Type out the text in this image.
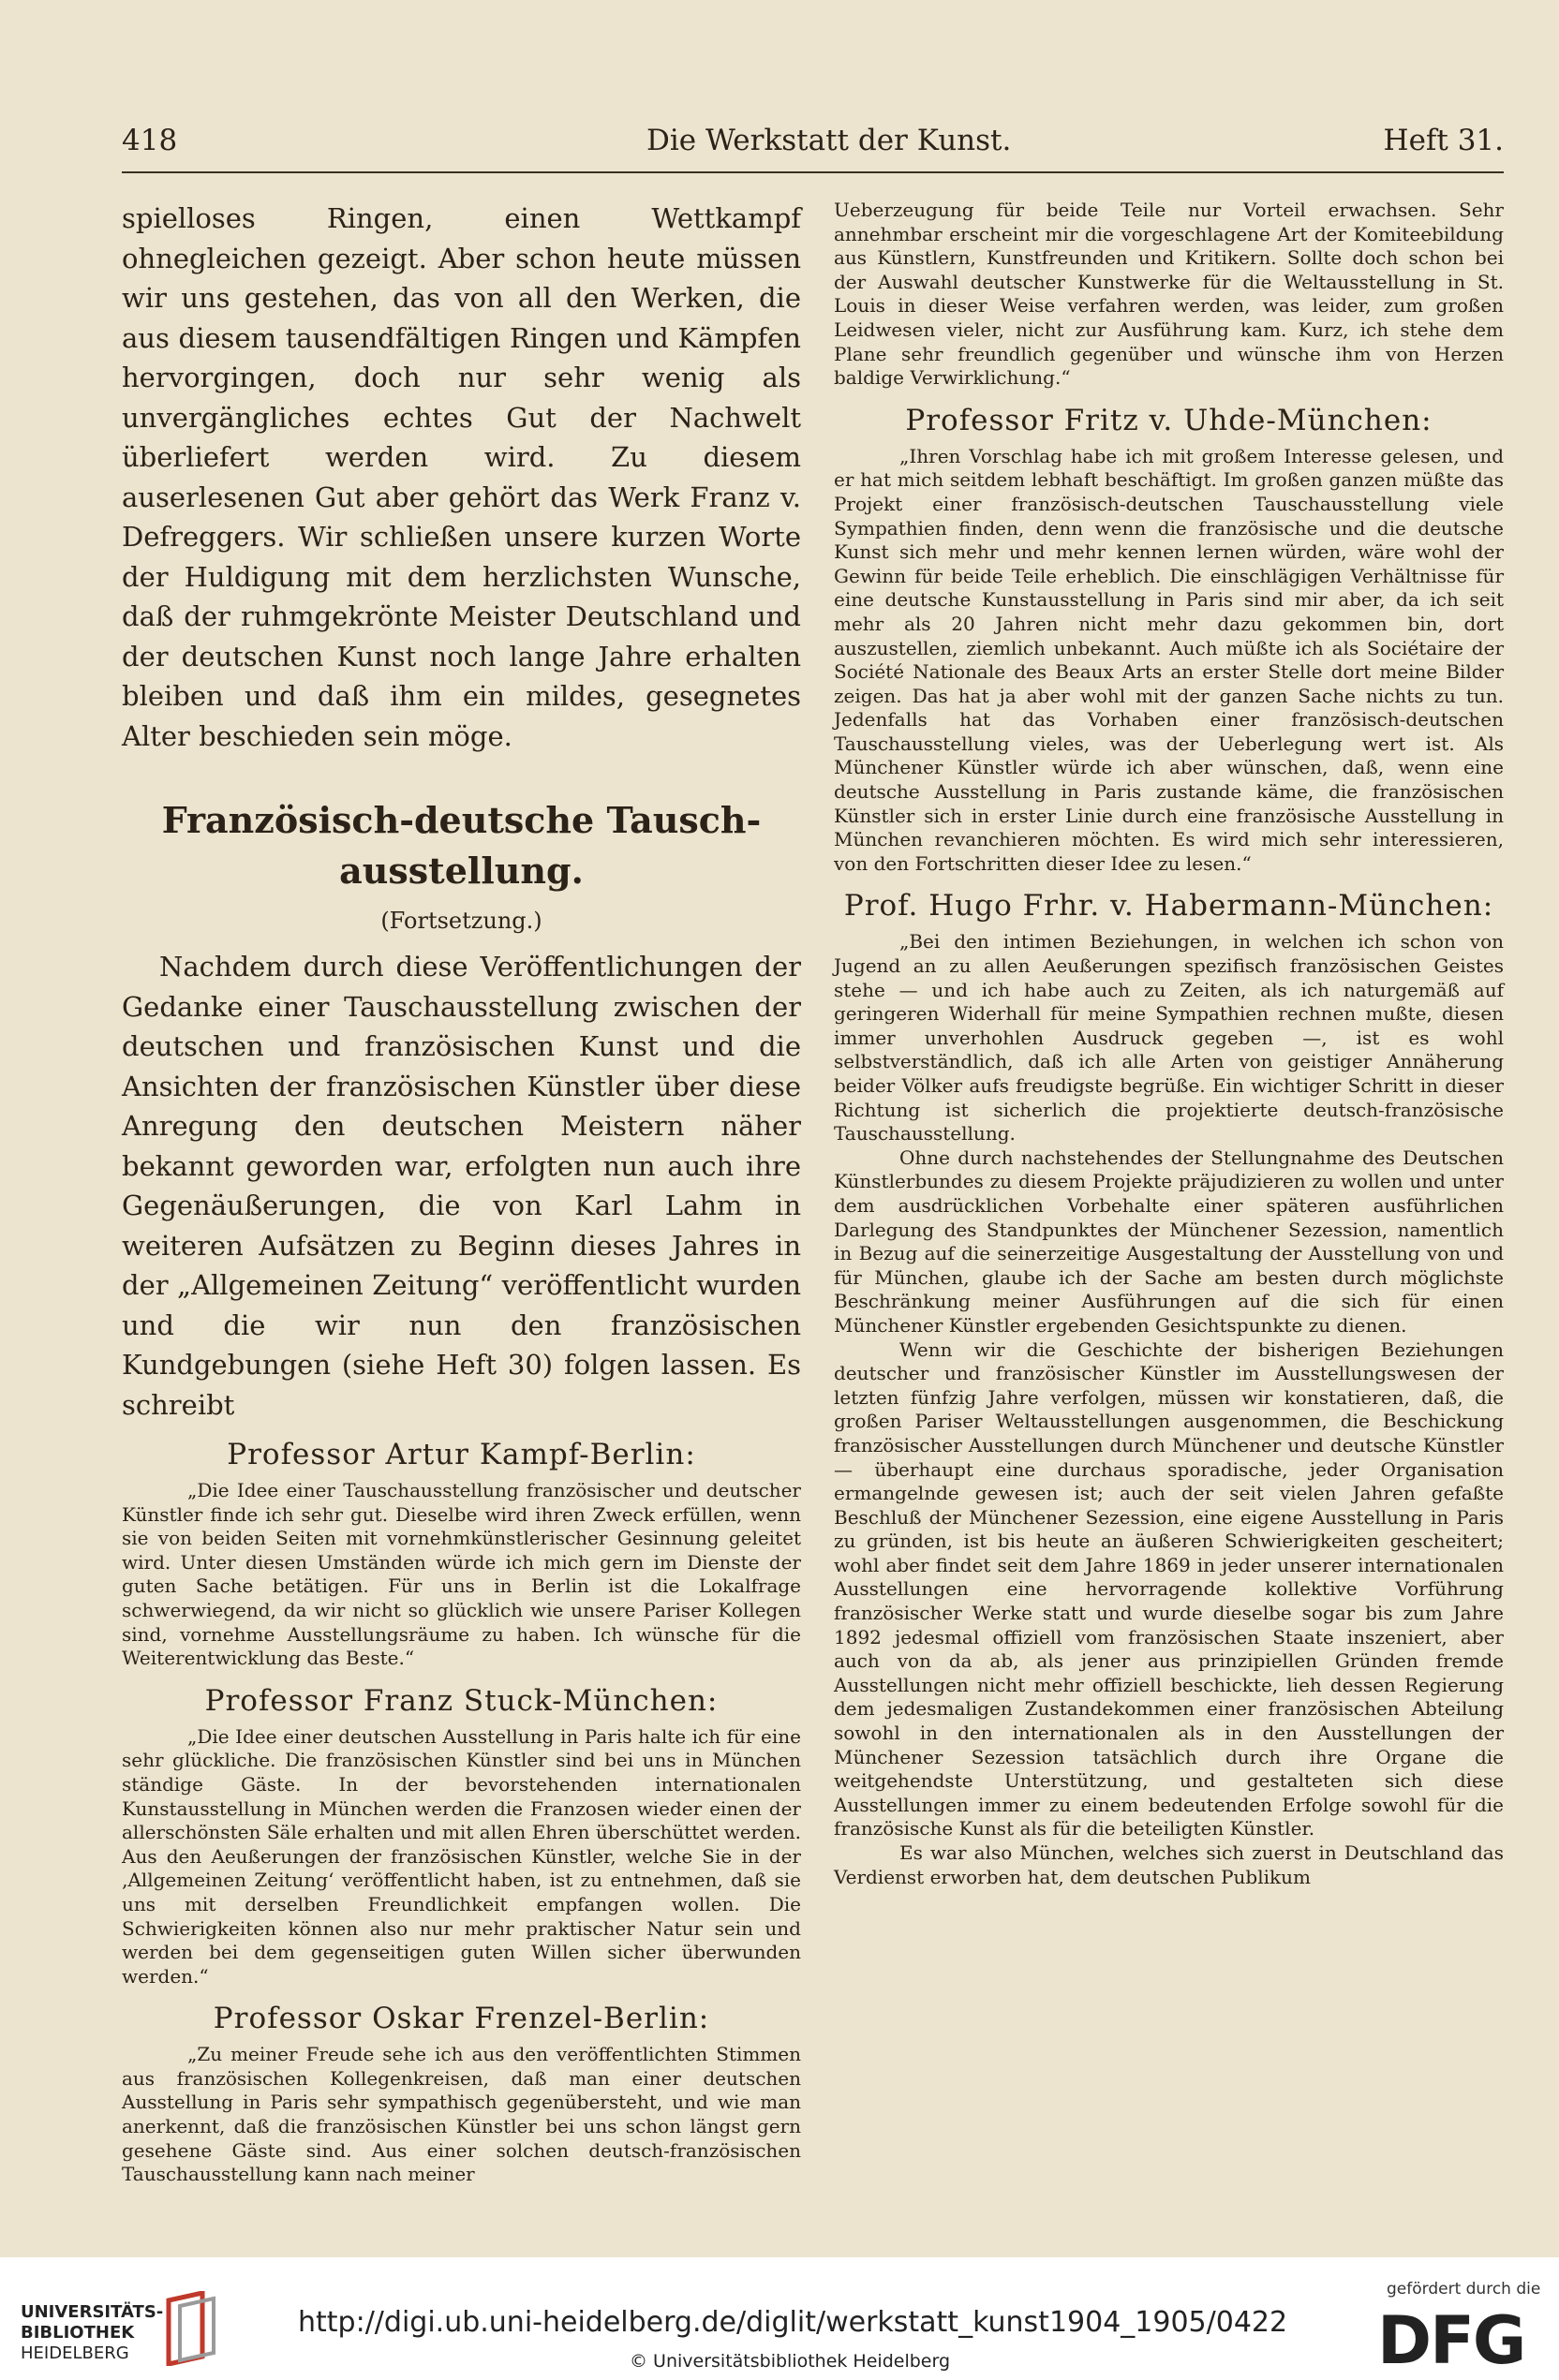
418	Die Werkstatt der Kunst.	Heft 31.

spielloses Ringen, einen Wettkampf ohnegleichen gezeigt. Aber schon heute müssen wir uns gestehen, das von all den Werken, die aus diesem tausendfältigen Ringen und Kämpfen hervorgingen, doch nur sehr wenig als unvergängliches echtes Gut der Nachwelt überliefert werden wird. Zu diesem auserlesenen Gut aber gehört das Werk Franz v. Defreggers. Wir schließen unsere kurzen Worte der Huldigung mit dem herzlichsten Wunsche, daß der ruhmgekrönte Meister Deutschland und der deutschen Kunst noch lange Jahre erhalten bleiben und daß ihm ein mildes, gesegnetes Alter beschieden sein möge.

Französisch-deutsche Tausch-
ausstellung.
(Fortsetzung.)

Nachdem durch diese Veröffentlichungen der Gedanke einer Tauschausstellung zwischen der deutschen und französischen Kunst und die Ansichten der französischen Künstler über diese Anregung den deutschen Meistern näher bekannt geworden war, erfolgten nun auch ihre Gegenäußerungen, die von Karl Lahm in weiteren Aufsätzen zu Beginn dieses Jahres in der „Allgemeinen Zeitung“ veröffentlicht wurden und die wir nun den französischen Kundgebungen (siehe Heft 30) folgen lassen. Es schreibt

Professor Artur Kampf-Berlin:

„Die Idee einer Tauschausstellung französischer und deutscher Künstler finde ich sehr gut. Dieselbe wird ihren Zweck erfüllen, wenn sie von beiden Seiten mit vornehmkünstlerischer Gesinnung geleitet wird. Unter diesen Umständen würde ich mich gern im Dienste der guten Sache betätigen. Für uns in Berlin ist die Lokalfrage schwerwiegend, da wir nicht so glücklich wie unsere Pariser Kollegen sind, vornehme Ausstellungsräume zu haben. Ich wünsche für die Weiterentwicklung das Beste.“

Professor Franz Stuck-München:

„Die Idee einer deutschen Ausstellung in Paris halte ich für eine sehr glückliche. Die französischen Künstler sind bei uns in München ständige Gäste. In der bevorstehenden internationalen Kunstausstellung in München werden die Franzosen wieder einen der allerschönsten Säle erhalten und mit allen Ehren überschüttet werden. Aus den Aeußerungen der französischen Künstler, welche Sie in der ‚Allgemeinen Zeitung‘ veröffentlicht haben, ist zu entnehmen, daß sie uns mit derselben Freundlichkeit empfangen wollen. Die Schwierigkeiten können also nur mehr praktischer Natur sein und werden bei dem gegenseitigen guten Willen sicher überwunden werden.“

Professor Oskar Frenzel-Berlin:

„Zu meiner Freude sehe ich aus den veröffentlichten Stimmen aus französischen Kollegenkreisen, daß man einer deutschen Ausstellung in Paris sehr sympathisch gegenübersteht, und wie man anerkennt, daß die französischen Künstler bei uns schon längst gern gesehene Gäste sind. Aus einer solchen deutsch-französischen Tauschausstellung kann nach meiner

Ueberzeugung für beide Teile nur Vorteil erwachsen. Sehr annehmbar erscheint mir die vorgeschlagene Art der Komiteebildung aus Künstlern, Kunstfreunden und Kritikern. Sollte doch schon bei der Auswahl deutscher Kunstwerke für die Weltausstellung in St. Louis in dieser Weise verfahren werden, was leider, zum großen Leidwesen vieler, nicht zur Ausführung kam. Kurz, ich stehe dem Plane sehr freundlich gegenüber und wünsche ihm von Herzen baldige Verwirklichung.“

Professor Fritz v. Uhde-München:

„Ihren Vorschlag habe ich mit großem Interesse gelesen, und er hat mich seitdem lebhaft beschäftigt. Im großen ganzen müßte das Projekt einer französisch-deutschen Tauschausstellung viele Sympathien finden, denn wenn die französische und die deutsche Kunst sich mehr und mehr kennen lernen würden, wäre wohl der Gewinn für beide Teile erheblich. Die einschlägigen Verhältnisse für eine deutsche Kunstausstellung in Paris sind mir aber, da ich seit mehr als 20 Jahren nicht mehr dazu gekommen bin, dort auszustellen, ziemlich unbekannt. Auch müßte ich als Sociétaire der Société Nationale des Beaux Arts an erster Stelle dort meine Bilder zeigen. Das hat ja aber wohl mit der ganzen Sache nichts zu tun. Jedenfalls hat das Vorhaben einer französisch-deutschen Tauschausstellung vieles, was der Ueberlegung wert ist. Als Münchener Künstler würde ich aber wünschen, daß, wenn eine deutsche Ausstellung in Paris zustande käme, die französischen Künstler sich in erster Linie durch eine französische Ausstellung in München revanchieren möchten. Es wird mich sehr interessieren, von den Fortschritten dieser Idee zu lesen.“

Prof. Hugo Frhr. v. Habermann-München:

„Bei den intimen Beziehungen, in welchen ich schon von Jugend an zu allen Aeußerungen spezifisch französischen Geistes stehe — und ich habe auch zu Zeiten, als ich naturgemäß auf geringeren Widerhall für meine Sympathien rechnen mußte, diesen immer unverhohlen Ausdruck gegeben —, ist es wohl selbstverständlich, daß ich alle Arten von geistiger Annäherung beider Völker aufs freudigste begrüße. Ein wichtiger Schritt in dieser Richtung ist sicherlich die projektierte deutsch-französische Tauschausstellung.

Ohne durch nachstehendes der Stellungnahme des Deutschen Künstlerbundes zu diesem Projekte präjudizieren zu wollen und unter dem ausdrücklichen Vorbehalte einer späteren ausführlichen Darlegung des Standpunktes der Münchener Sezession, namentlich in Bezug auf die seinerzeitige Ausgestaltung der Ausstellung von und für München, glaube ich der Sache am besten durch möglichste Beschränkung meiner Ausführungen auf die sich für einen Münchener Künstler ergebenden Gesichtspunkte zu dienen.

Wenn wir die Geschichte der bisherigen Beziehungen deutscher und französischer Künstler im Ausstellungswesen der letzten fünfzig Jahre verfolgen, müssen wir konstatieren, daß, die großen Pariser Weltausstellungen ausgenommen, die Beschickung französischer Ausstellungen durch Münchener und deutsche Künstler — überhaupt eine durchaus sporadische, jeder Organisation ermangelnde gewesen ist; auch der seit vielen Jahren gefaßte Beschluß der Münchener Sezession, eine eigene Ausstellung in Paris zu gründen, ist bis heute an äußeren Schwierigkeiten gescheitert; wohl aber findet seit dem Jahre 1869 in jeder unserer internationalen Ausstellungen eine hervorragende kollektive Vorführung französischer Werke statt und wurde dieselbe sogar bis zum Jahre 1892 jedesmal offiziell vom französischen Staate inszeniert, aber auch von da ab, als jener aus prinzipiellen Gründen fremde Ausstellungen nicht mehr offiziell beschickte, lieh dessen Regierung dem jedesmaligen Zustandekommen einer französischen Abteilung sowohl in den internationalen als in den Ausstellungen der Münchener Sezession tatsächlich durch ihre Organe die weitgehendste Unterstützung, und gestalteten sich diese Ausstellungen immer zu einem bedeutenden Erfolge sowohl für die französische Kunst als für die beteiligten Künstler.

Es war also München, welches sich zuerst in Deutschland das Verdienst erworben hat, dem deutschen Publikum

UNIVERSITÄTS-
BIBLIOTHEK
HEIDELBERG
http://digi.ub.uni-heidelberg.de/diglit/werkstatt_kunst1904_1905/0422
© Universitätsbibliothek Heidelberg
gefördert durch die
DFG
